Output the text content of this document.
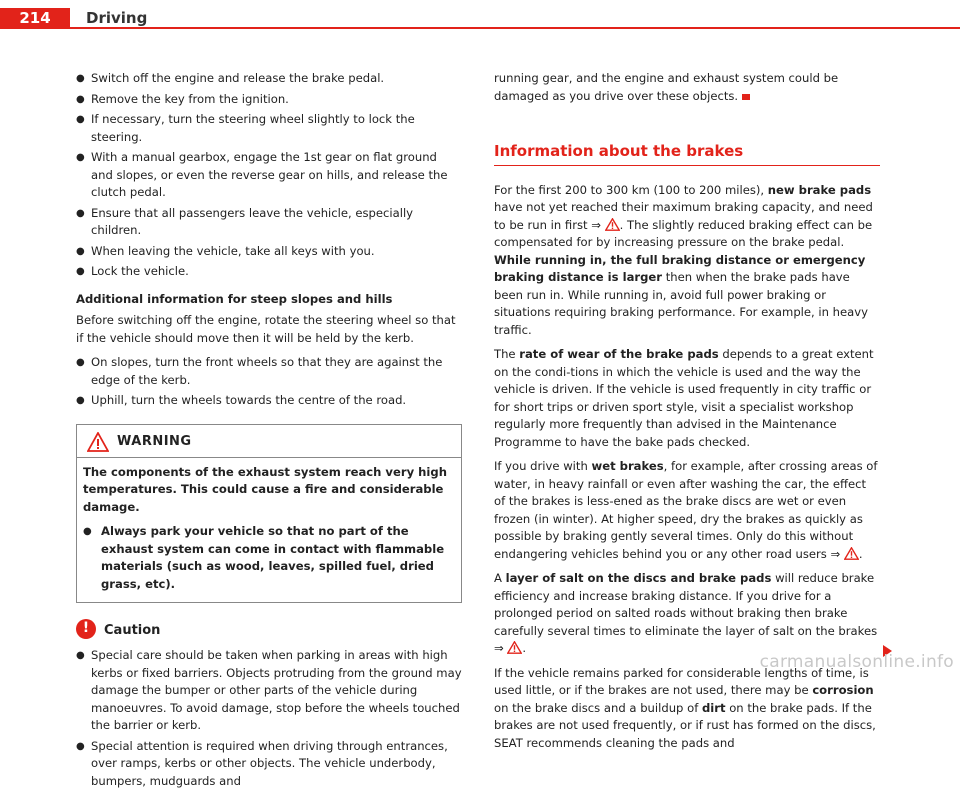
214	Driving
● Switch off the engine and release the brake pedal.
● Remove the key from the ignition.
● If necessary, turn the steering wheel slightly to lock the steering.
● With a manual gearbox, engage the 1st gear on flat ground and slopes, or even the reverse gear on hills, and release the clutch pedal.
● Ensure that all passengers leave the vehicle, especially children.
● When leaving the vehicle, take all keys with you.
● Lock the vehicle.
Additional information for steep slopes and hills

Before switching off the engine, rotate the steering wheel so that if the vehicle should move then it will be held by the kerb.

● On slopes, turn the front wheels so that they are against the edge of the kerb.
● Uphill, turn the wheels towards the centre of the road.
WARNING

The components of the exhaust system reach very high temperatures. This could cause a fire and considerable damage.

● Always park your vehicle so that no part of the exhaust system can come in contact with flammable materials (such as wood, leaves, spilled fuel, dried grass, etc).
!	Caution
● Special care should be taken when parking in areas with high kerbs or fixed barriers. Objects protruding from the ground may damage the bumper or other parts of the vehicle during manoeuvres. To avoid damage, stop before the wheels touched the barrier or kerb.
● Special attention is required when driving through entrances, over ramps, kerbs or other objects. The vehicle underbody, bumpers, mudguards and

running gear, and the engine and exhaust system could be damaged as you drive over these objects.

Information about the brakes

For the first 200 to 300 km (100 to 200 miles), new brake pads have not yet reached their maximum braking capacity, and need to be run in first ⇒ . The slightly reduced braking effect can be compensated for by increasing pressure on the brake pedal. While running in, the full braking distance or emergency braking distance is larger then when the brake pads have been run in. While running in, avoid full power braking or situations requiring braking performance. For example, in heavy traffic.

The rate of wear of the brake pads depends to a great extent on the condi-tions in which the vehicle is used and the way the vehicle is driven. If the vehicle is used frequently in city traffic or for short trips or driven sport style, visit a specialist workshop regularly more frequently than advised in the Maintenance Programme to have the bake pads checked.

If you drive with wet brakes, for example, after crossing areas of water, in heavy rainfall or even after washing the car, the effect of the brakes is less-ened as the brake discs are wet or even frozen (in winter). At higher speed, dry the brakes as quickly as possible by braking gently several times. Only do this without endangering vehicles behind you or any other road users ⇒ .

A layer of salt on the discs and brake pads will reduce brake efficiency and increase braking distance. If you drive for a prolonged period on salted roads without braking then brake carefully several times to eliminate the layer of salt on the brakes ⇒ .

If the vehicle remains parked for considerable lengths of time, is used little, or if the brakes are not used, there may be corrosion on the brake discs and a buildup of dirt on the brake pads. If the brakes are not used frequently, or if rust has formed on the discs, SEAT recommends cleaning the pads and

carmanualsonline.info
